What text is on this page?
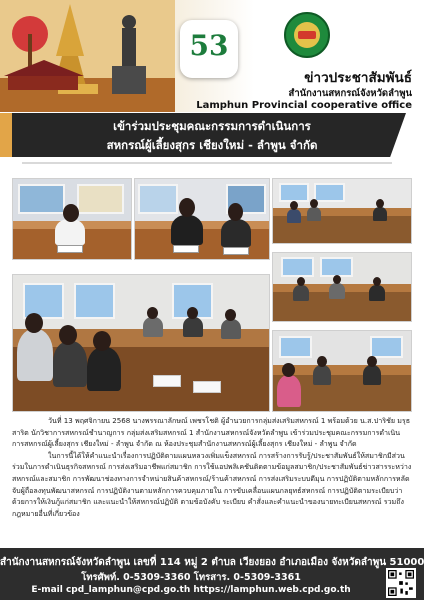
53
ข่าวประชาสัมพันธ์
สำนักงานสหกรณ์จังหวัดลำพูน
Lamphun Provincial cooperative office
เข้าร่วมประชุมคณะกรรมการดำเนินการ
สหกรณ์ผู้เลี้ยงสุกร เชียงใหม่ - ลำพูน จำกัด

วันที่ 13 พฤศจิกายน 2568 นางพรรณาลักษณ์ เพชรโชติ ผู้อำนวยการกลุ่มส่งเสริมสหกรณ์ 1 พร้อมด้วย น.ส.ปาริชัย มรุธสาริต นักวิชาการสหกรณ์ชำนาญการ กลุ่มส่งเสริมสหกรณ์ 1 สำนักงานสหกรณ์จังหวัดลำพูน เข้าร่วมประชุมคณะกรรมการดำเนินการสหกรณ์ผู้เลี้ยงสุกร เชียงใหม่ - ลำพูน จำกัด ณ ห้องประชุมสำนักงานสหกรณ์ผู้เลี้ยงสุกร เชียงใหม่ - ลำพูน จำกัด

ในการนี้ได้ให้คำแนะนำเรื่องการปฏิบัติตามแผนหลวงเพิ่มแข็งสหกรณ์ การสร้างการรับรู้/ประชาสัมพันธ์ให้สมาชิกมีส่วนร่วมในการดำเนินธุรกิจสหกรณ์ การส่งเสริมอาชีพแก่สมาชิก การใช้แอปพลิเคชันติดตามข้อมูลสมาชิก/ประชาสัมพันธ์ข่าวสารระหว่างสหกรณ์และสมาชิก การพัฒนาช่องทางการจำหน่ายสินค้าสหกรณ์/ร้านค้าสหกรณ์ การส่งเสริมระบบดีมุน การปฏิบัติตามหลักการหลัดจับผู้ถือลงทุนพัฒนาสหกรณ์ การปฏิบัติงานตามหลักการควบคุมภายใน การขับเคลื่อนแผนกลยุทธ์สหกรณ์ การปฏิบัติตามระเบียบว่าด้วยการให้เงินกู้แก่สมาชิก และแนะนำให้สหกรณ์ปฏิบัติ ตามข้อบังคับ ระเบียบ คำสั่งและคำแนะนำของนายทะเบียนสหกรณ์ รวมถึงกฎหมายอื่นที่เกี่ยวข้อง

สำนักงานสหกรณ์จังหวัดลำพูน เลขที่ 114 หมู่ 2 ตำบล เวียงยอง อำเภอเมือง จังหวัดลำพูน 51000
โทรศัพท์. 0-5309-3360 โทรสาร. 0-5309-3361
E-mail cpd_lamphun@cpd.go.th https://lamphun.web.cpd.go.th
